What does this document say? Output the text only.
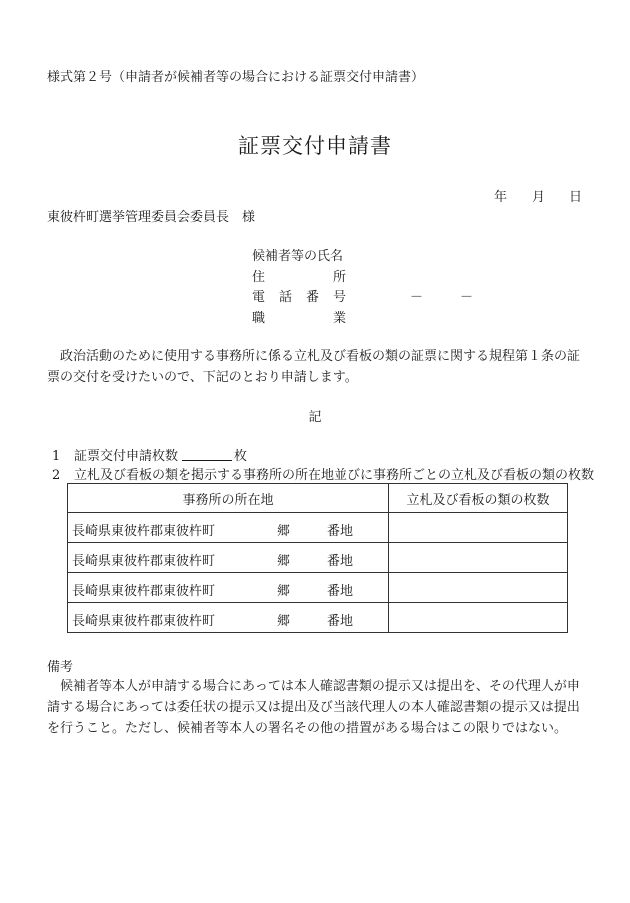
様式第２号（申請者が候補者等の場合における証票交付申請書）
証票交付申請書
年 月 日
東彼杵町選挙管理委員会委員長　様
候補者等の氏名
住所
電話番号	－	－
職業
政治活動のために使用する事務所に係る立札及び看板の類の証票に関する規程第１条の証票の交付を受けたいので、下記のとおり申請します。
記
1 証票交付申請枚数	枚
2 立札及び看板の類を掲示する事務所の所在地並びに事務所ごとの立札及び看板の類の枚数
事務所の所在地	立札及び看板の類の枚数

長崎県東彼杵郡東彼杵町 郷 番地	

長崎県東彼杵郡東彼杵町 郷 番地	

長崎県東彼杵郡東彼杵町 郷 番地	

長崎県東彼杵郡東彼杵町 郷 番地	

備考
候補者等本人が申請する場合にあっては本人確認書類の提示又は提出を、その代理人が申請する場合にあっては委任状の提示又は提出及び当該代理人の本人確認書類の提示又は提出を行うこと。ただし、候補者等本人の署名その他の措置がある場合はこの限りではない。
